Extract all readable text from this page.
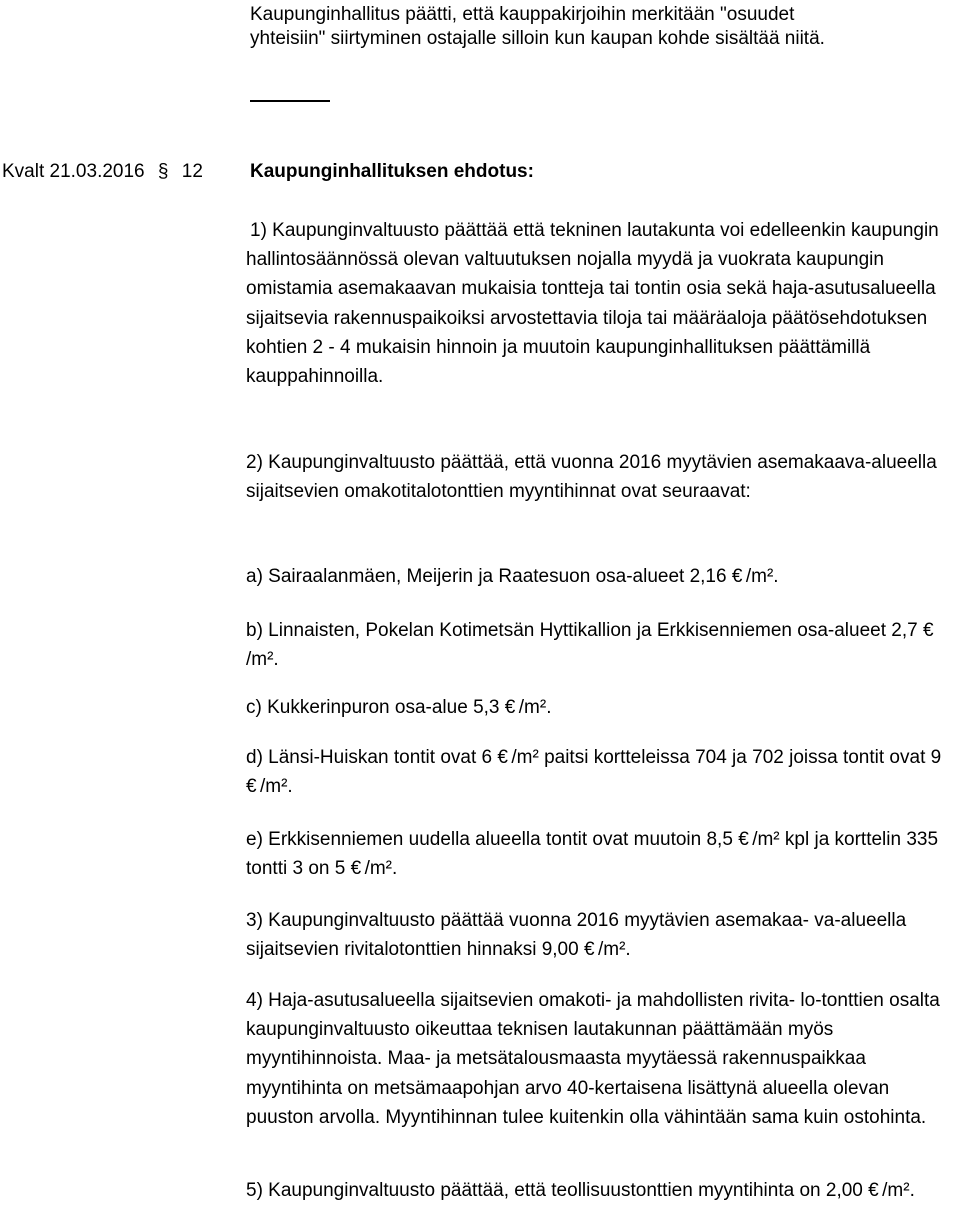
Kaupunginhallitus päätti, että kauppakirjoihin merkitään "osuudet
yhteisiin" siirtyminen ostajalle silloin kun kaupan kohde sisältää niitä.
Kvalt 21.03.2016 § 12 Kaupunginhallituksen ehdotus:
1) Kaupunginvaltuusto päättää että tekninen lautakunta voi edelleenkin kaupungin hallintosäännössä olevan valtuutuksen nojalla myydä ja vuokrata kaupungin omistamia asemakaavan mukaisia tontteja tai tontin osia sekä haja-asutusalueella sijaitsevia rakennuspaikoiksi arvostettavia tiloja tai määräaloja päätösehdotuksen kohtien 2 - 4 mukaisin hinnoin ja muutoin kaupunginhallituksen päättämillä kauppahinnoilla.
2) Kaupunginvaltuusto päättää, että vuonna 2016 myytävien asemakaava-alueella sijaitsevien omakotitalotonttien myyntihinnat ovat seuraavat:
a) Sairaalanmäen, Meijerin ja Raatesuon osa-alueet 2,16 € /m².
b) Linnaisten, Pokelan Kotimetsän Hyttikallion ja Erkkisenniemen osa-alueet 2,7 €/m².
c) Kukkerinpuron osa-alue 5,3 € /m².
d) Länsi-Huiskan tontit ovat 6 € /m² paitsi kortteleissa 704 ja 702 joissa tontit ovat 9 € /m².
e) Erkkisenniemen uudella alueella tontit ovat muutoin 8,5 € /m² kpl ja korttelin 335 tontti 3 on 5 € /m².
3) Kaupunginvaltuusto päättää vuonna 2016 myytävien asemakaa- va-alueella sijaitsevien rivitalotonttien hinnaksi 9,00 € /m².
4) Haja-asutusalueella sijaitsevien omakoti- ja mahdollisten rivita- lo-tonttien osalta kaupunginvaltuusto oikeuttaa teknisen lautakunnan päättämään myös myyntihinnoista. Maa- ja metsätalousmaasta myytäessä rakennuspaikkaa myyntihinta on metsämaapohjan arvo 40-kertaisena lisättynä alueella olevan puuston arvolla. Myyntihinnan tulee kuitenkin olla vähintään sama kuin ostohinta.
5) Kaupunginvaltuusto päättää, että teollisuustonttien myyntihinta on 2,00 € /m².
